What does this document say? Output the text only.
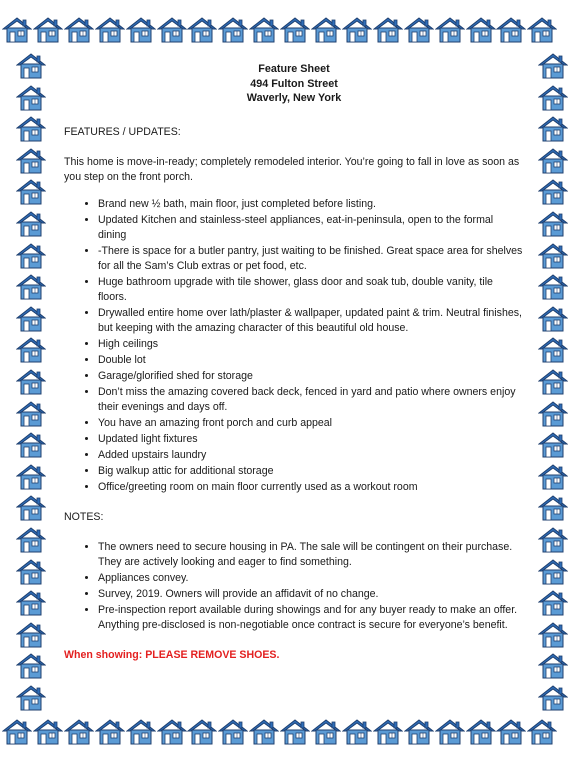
Feature Sheet
494 Fulton Street
Waverly, New York

FEATURES / UPDATES:

This home is move-in-ready; completely remodeled interior. You’re going to fall in love as soon as you step on the front porch.

• Brand new ½ bath, main floor, just completed before listing.
• Updated Kitchen and stainless-steel appliances, eat-in-peninsula, open to the formal dining
• -There is space for a butler pantry, just waiting to be finished. Great space area for shelves for all the Sam’s Club extras or pet food, etc.
• Huge bathroom upgrade with tile shower, glass door and soak tub, double vanity, tile floors.
• Drywalled entire home over lath/plaster & wallpaper, updated paint & trim. Neutral finishes, but keeping with the amazing character of this beautiful old house.
• High ceilings
• Double lot
• Garage/glorified shed for storage
• Don’t miss the amazing covered back deck, fenced in yard and patio where owners enjoy their evenings and days off.
• You have an amazing front porch and curb appeal
• Updated light fixtures
• Added upstairs laundry
• Big walkup attic for additional storage
• Office/greeting room on main floor currently used as a workout room

NOTES:

• The owners need to secure housing in PA. The sale will be contingent on their purchase. They are actively looking and eager to find something.
• Appliances convey.
• Survey, 2019. Owners will provide an affidavit of no change.
• Pre-inspection report available during showings and for any buyer ready to make an offer. Anything pre-disclosed is non-negotiable once contract is secure for everyone’s benefit.
When showing: PLEASE REMOVE SHOES.
